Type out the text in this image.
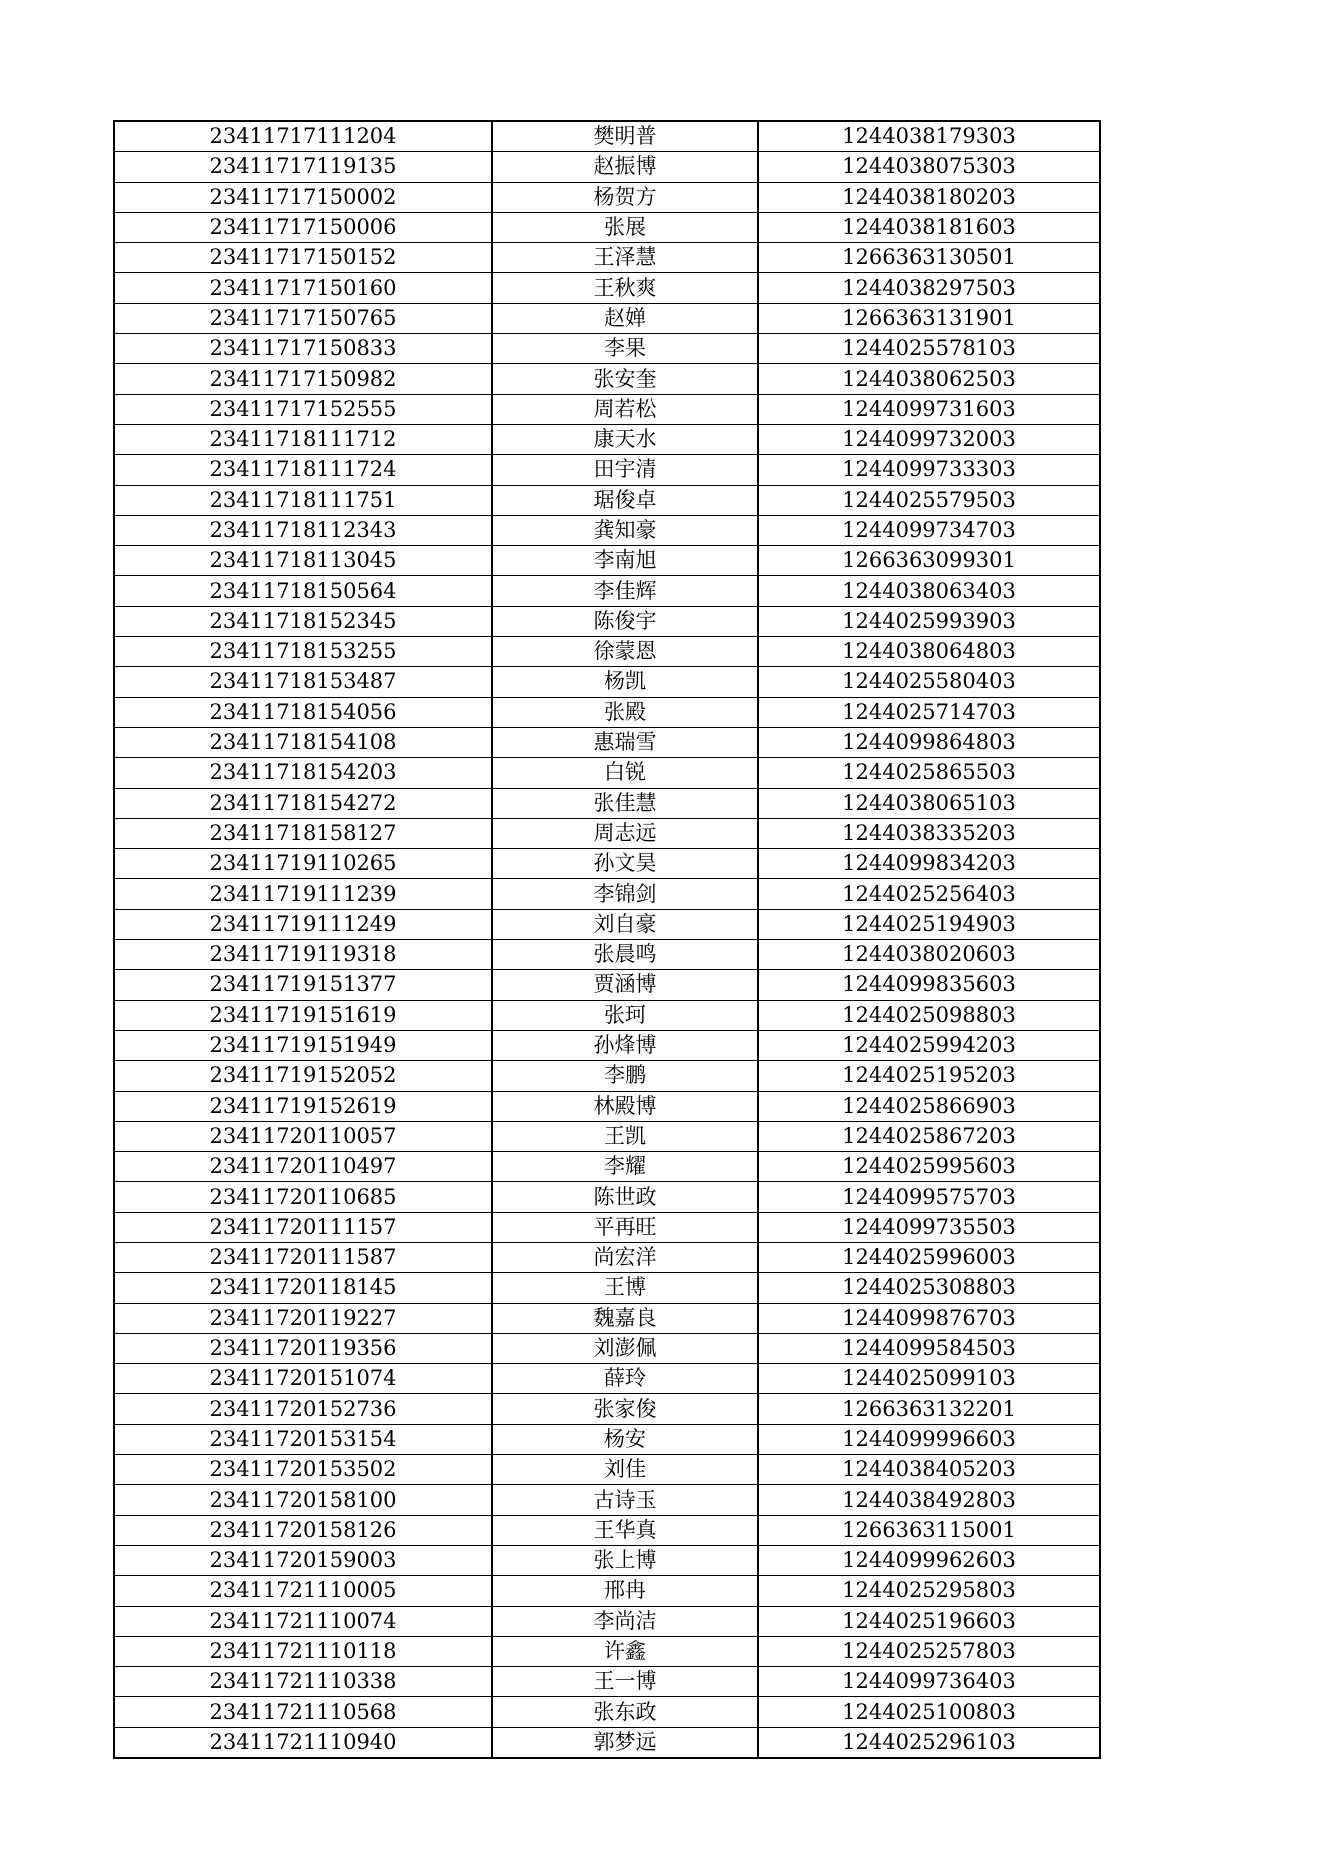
23411717111204	樊明普	1244038179303
23411717119135	赵振博	1244038075303
23411717150002	杨贺方	1244038180203
23411717150006	张展	1244038181603
23411717150152	王泽慧	1266363130501
23411717150160	王秋爽	1244038297503
23411717150765	赵婵	1266363131901
23411717150833	李果	1244025578103
23411717150982	张安奎	1244038062503
23411717152555	周若松	1244099731603
23411718111712	康天水	1244099732003
23411718111724	田宇清	1244099733303
23411718111751	琚俊卓	1244025579503
23411718112343	龚知豪	1244099734703
23411718113045	李南旭	1266363099301
23411718150564	李佳辉	1244038063403
23411718152345	陈俊宇	1244025993903
23411718153255	徐蒙恩	1244038064803
23411718153487	杨凯	1244025580403
23411718154056	张殿	1244025714703
23411718154108	惠瑞雪	1244099864803
23411718154203	白锐	1244025865503
23411718154272	张佳慧	1244038065103
23411718158127	周志远	1244038335203
23411719110265	孙文昊	1244099834203
23411719111239	李锦剑	1244025256403
23411719111249	刘自豪	1244025194903
23411719119318	张晨鸣	1244038020603
23411719151377	贾涵博	1244099835603
23411719151619	张珂	1244025098803
23411719151949	孙烽博	1244025994203
23411719152052	李鹏	1244025195203
23411719152619	林殿博	1244025866903
23411720110057	王凯	1244025867203
23411720110497	李耀	1244025995603
23411720110685	陈世政	1244099575703
23411720111157	平再旺	1244099735503
23411720111587	尚宏洋	1244025996003
23411720118145	王博	1244025308803
23411720119227	魏嘉良	1244099876703
23411720119356	刘澎佩	1244099584503
23411720151074	薛玲	1244025099103
23411720152736	张家俊	1266363132201
23411720153154	杨安	1244099996603
23411720153502	刘佳	1244038405203
23411720158100	古诗玉	1244038492803
23411720158126	王华真	1266363115001
23411720159003	张上博	1244099962603
23411721110005	邢冉	1244025295803
23411721110074	李尚洁	1244025196603
23411721110118	许鑫	1244025257803
23411721110338	王一博	1244099736403
23411721110568	张东政	1244025100803
23411721110940	郭梦远	1244025296103
